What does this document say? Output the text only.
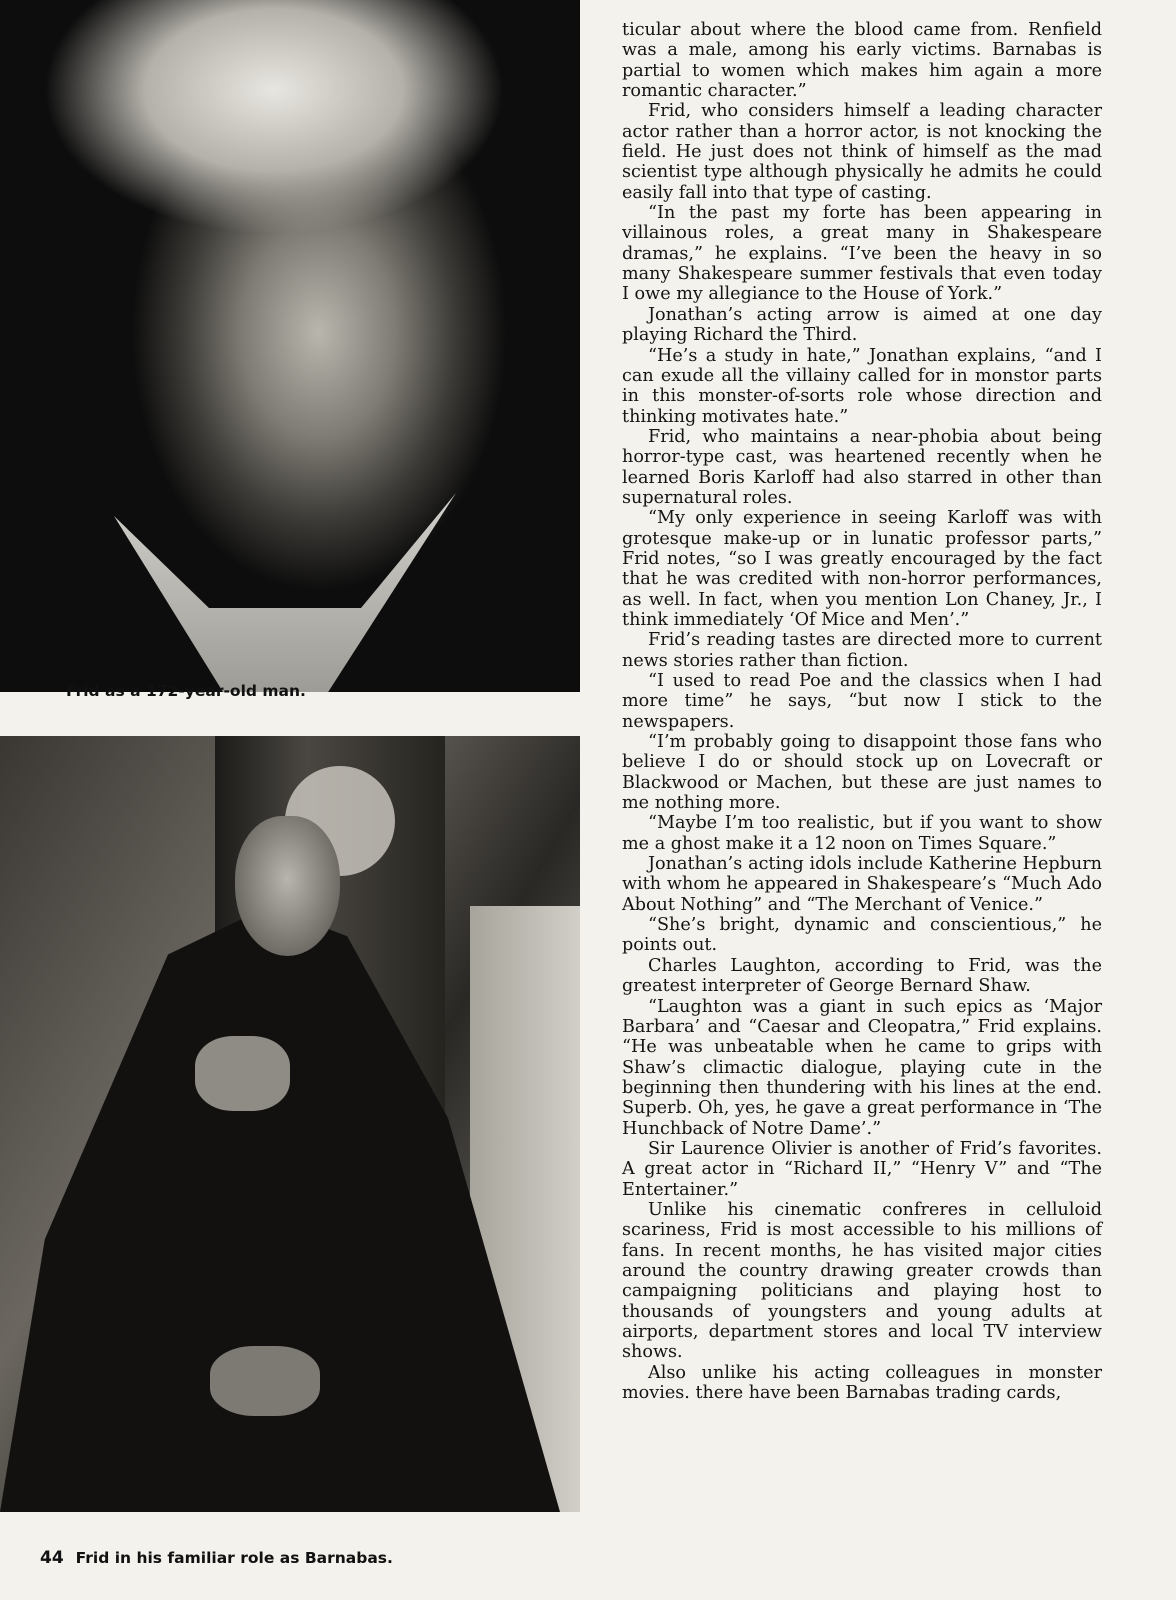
Frid as a 172-year-old man.
44 Frid in his familiar role as Barnabas.

ticular about where the blood came from. Renfield was a male, among his early victims. Barnabas is partial to women which makes him again a more romantic character.”

Frid, who considers himself a leading character actor rather than a horror actor, is not knocking the field. He just does not think of himself as the mad scientist type although physically he admits he could easily fall into that type of casting.

“In the past my forte has been appearing in villainous roles, a great many in Shakespeare dramas,” he explains. “I’ve been the heavy in so many Shakespeare summer festivals that even today I owe my allegiance to the House of York.”

Jonathan’s acting arrow is aimed at one day playing Richard the Third.

“He’s a study in hate,” Jonathan explains, “and I can exude all the villainy called for in monstor parts in this monster-of-sorts role whose direction and thinking motivates hate.”

Frid, who maintains a near-phobia about being horror-type cast, was heartened recently when he learned Boris Karloff had also starred in other than supernatural roles.

“My only experience in seeing Karloff was with grotesque make-up or in lunatic professor parts,” Frid notes, “so I was greatly encouraged by the fact that he was credited with non-horror performances, as well. In fact, when you mention Lon Chaney, Jr., I think immediately ‘Of Mice and Men’.”

Frid’s reading tastes are directed more to current news stories rather than fiction.

“I used to read Poe and the classics when I had more time” he says, “but now I stick to the newspapers.

“I’m probably going to disappoint those fans who believe I do or should stock up on Lovecraft or Blackwood or Machen, but these are just names to me nothing more.

“Maybe I’m too realistic, but if you want to show me a ghost make it a 12 noon on Times Square.”

Jonathan’s acting idols include Katherine Hepburn with whom he appeared in Shakespeare’s “Much Ado About Nothing” and “The Merchant of Venice.”

“She’s bright, dynamic and conscientious,” he points out.

Charles Laughton, according to Frid, was the greatest interpreter of George Bernard Shaw.

“Laughton was a giant in such epics as ‘Major Barbara’ and “Caesar and Cleopatra,” Frid explains. “He was unbeatable when he came to grips with Shaw’s climactic dialogue, playing cute in the beginning then thundering with his lines at the end. Superb. Oh, yes, he gave a great performance in ‘The Hunchback of Notre Dame’.”

Sir Laurence Olivier is another of Frid’s favorites. A great actor in “Richard II,” “Henry V” and “The Entertainer.”

Unlike his cinematic confreres in celluloid scariness, Frid is most accessible to his millions of fans. In recent months, he has visited major cities around the country drawing greater crowds than campaigning politicians and playing host to thousands of youngsters and young adults at airports, department stores and local TV interview shows.

Also unlike his acting colleagues in monster movies. there have been Barnabas trading cards,
